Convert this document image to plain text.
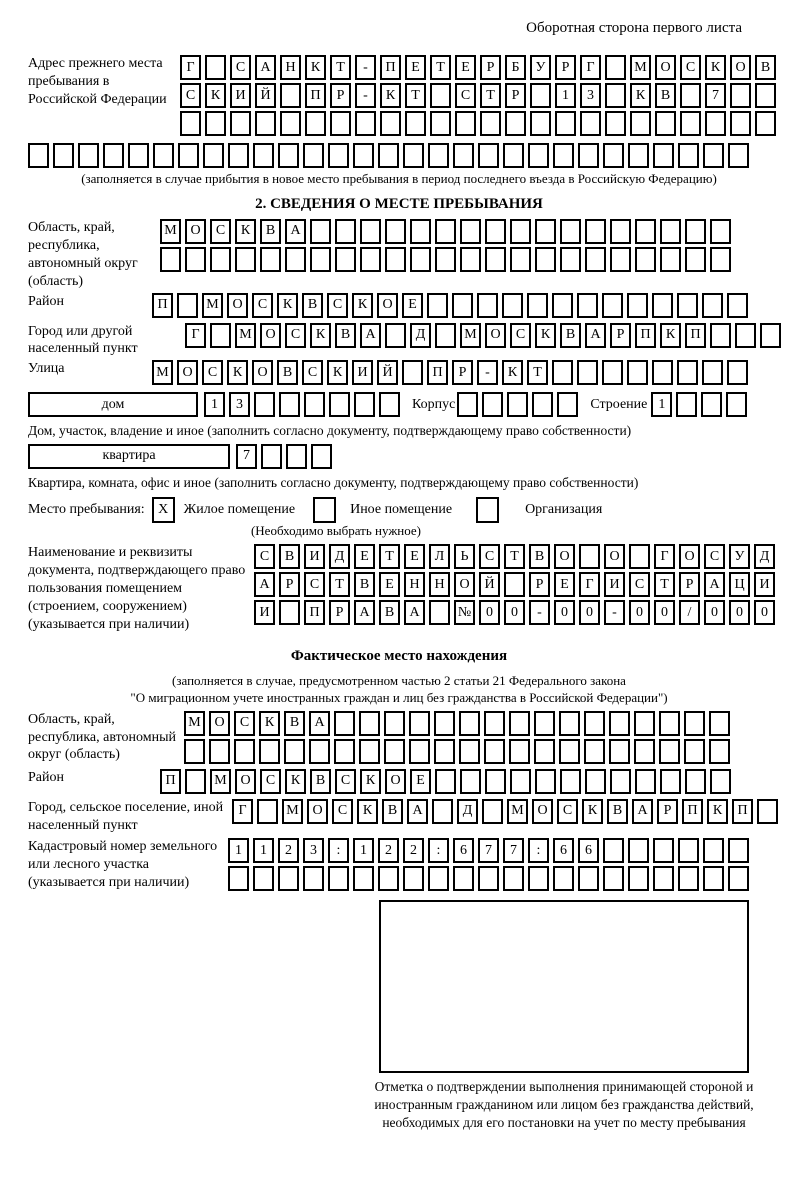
Оборотная сторона первого листа
Адрес прежнего места пребывания в Российской Федерации
Г	С	А	Н	К	Т	-	П	Е	Т	Е	Р	Б	У	Р	Г	М О	С	К	О	В
С	К	И	Й	П	Р	-	К	Т	С	Т	Р	1	3	К	В	7
(заполняется в случае прибытия в новое место пребывания в период последнего въезда в Российскую Федерацию)
2. СВЕДЕНИЯ О МЕСТЕ ПРЕБЫВАНИЯ
Область, край, республика, автономный округ (область)
М О	С	К	В	А
Район	П	М О	С	К	В	С	К	О	Е
Город или другой населенный пункт
Г	М О	С	К	В	А	Д	М О	С	К	В	А	Р	П	К	П
Улица	М О	С	К	О	В	С	К	И	Й	П	Р	-	К	Т
дом	1	3	Корпус	Строение 1
Дом, участок, владение и иное (заполнить согласно документу, подтверждающему право собственности)
квартира	7
Квартира, комната, офис и иное (заполнить согласно документу, подтверждающему право собственности)
Место пребывания: X	Жилое помещение	Иное помещение	Организация
(Необходимо выбрать нужное)
Наименование и реквизиты документа, подтверждающего право пользования помещением (строением, сооружением) (указывается при наличии)
С	В	И	Д	Е	Т	Е	Л	Ь	С	Т	В	О	О	Г	О	С	У	Д
А	Р	С	Т	В	Е	Н	Н	О	Й	Р	Е	Г	И	С	Т	Р	А	Ц	И
И	П	Р	А	В	А	№	0	0	-	0	0	-	0	0	/	0	0	0
Фактическое место нахождения
(заполняется в случае, предусмотренном частью 2 статьи 21 Федерального закона
"О миграционном учете иностранных граждан и лиц без гражданства в Российской Федерации")
Область, край, республика, автономный округ (область)
М О	С	К	В	А
Район	П	М О	С	К	В	С	К	О	Е
Город, сельское поселение, иной населенный пункт
Г	М О	С	К	В	А	Д	М О	С	К	В	А	Р	П	К	П
Кадастровый номер земельного или лесного участка (указывается при наличии)
1	1	2	3	:	1	2	2	:	6	7	7	:	6	6
Отметка о подтверждении выполнения принимающей стороной и иностранным гражданином или лицом без гражданства действий, необходимых для его постановки на учет по месту пребывания
